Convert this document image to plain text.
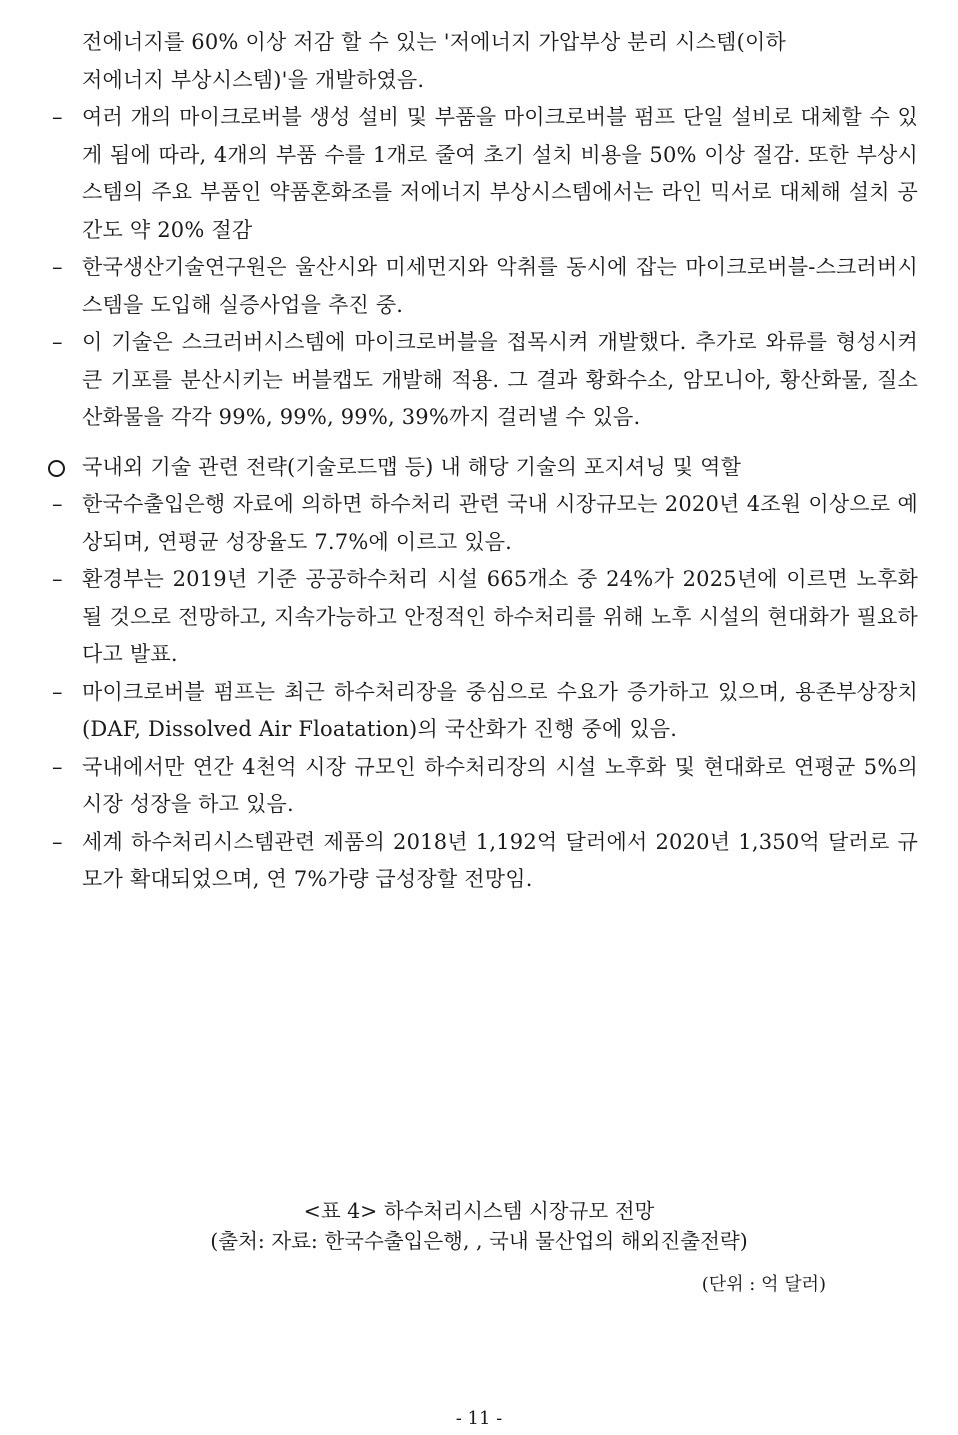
전에너지를 60% 이상 저감 할 수 있는 '저에너지 가압부상 분리 시스템(이하

저에너지 부상시스템)'을 개발하였음.

– 여러 개의 마이크로버블 생성 설비 및 부품을 마이크로버블 펌프 단일 설비로 대체할 수 있게 됨에 따라, 4개의 부품 수를 1개로 줄여 초기 설치 비용을 50% 이상 절감. 또한 부상시스템의 주요 부품인 약품혼화조를 저에너지 부상시스템에서는 라인 믹서로 대체해 설치 공간도 약 20% 절감
– 한국생산기술연구원은 울산시와 미세먼지와 악취를 동시에 잡는 마이크로버블-스크러버시스템을 도입해 실증사업을 추진 중.
– 이 기술은 스크러버시스템에 마이크로버블을 접목시켜 개발했다. 추가로 와류를 형성시켜 큰 기포를 분산시키는 버블캡도 개발해 적용. 그 결과 황화수소, 암모니아, 황산화물, 질소산화물을 각각 99%, 99%, 99%, 39%까지 걸러낼 수 있음.
국내외 기술 관련 전략(기술로드맵 등) 내 해당 기술의 포지셔닝 및 역할
– 한국수출입은행 자료에 의하면 하수처리 관련 국내 시장규모는 2020년 4조원 이상으로 예상되며, 연평균 성장율도 7.7%에 이르고 있음.
– 환경부는 2019년 기준 공공하수처리 시설 665개소 중 24%가 2025년에 이르면 노후화될 것으로 전망하고, 지속가능하고 안정적인 하수처리를 위해 노후 시설의 현대화가 필요하다고 발표.
– 마이크로버블 펌프는 최근 하수처리장을 중심으로 수요가 증가하고 있으며, 용존부상장치(DAF, Dissolved Air Floatation)의 국산화가 진행 중에 있음.
– 국내에서만 연간 4천억 시장 규모인 하수처리장의 시설 노후화 및 현대화로 연평균 5%의 시장 성장을 하고 있음.
– 세계 하수처리시스템관련 제품의 2018년 1,192억 달러에서 2020년 1,350억 달러로 규모가 확대되었으며, 연 7%가량 급성장할 전망임.
<표 4> 하수처리시스템 시장규모 전망
(출처: 자료: 한국수출입은행, , 국내 물산업의 해외진출전략)
(단위 : 억 달러)
- 11 -
